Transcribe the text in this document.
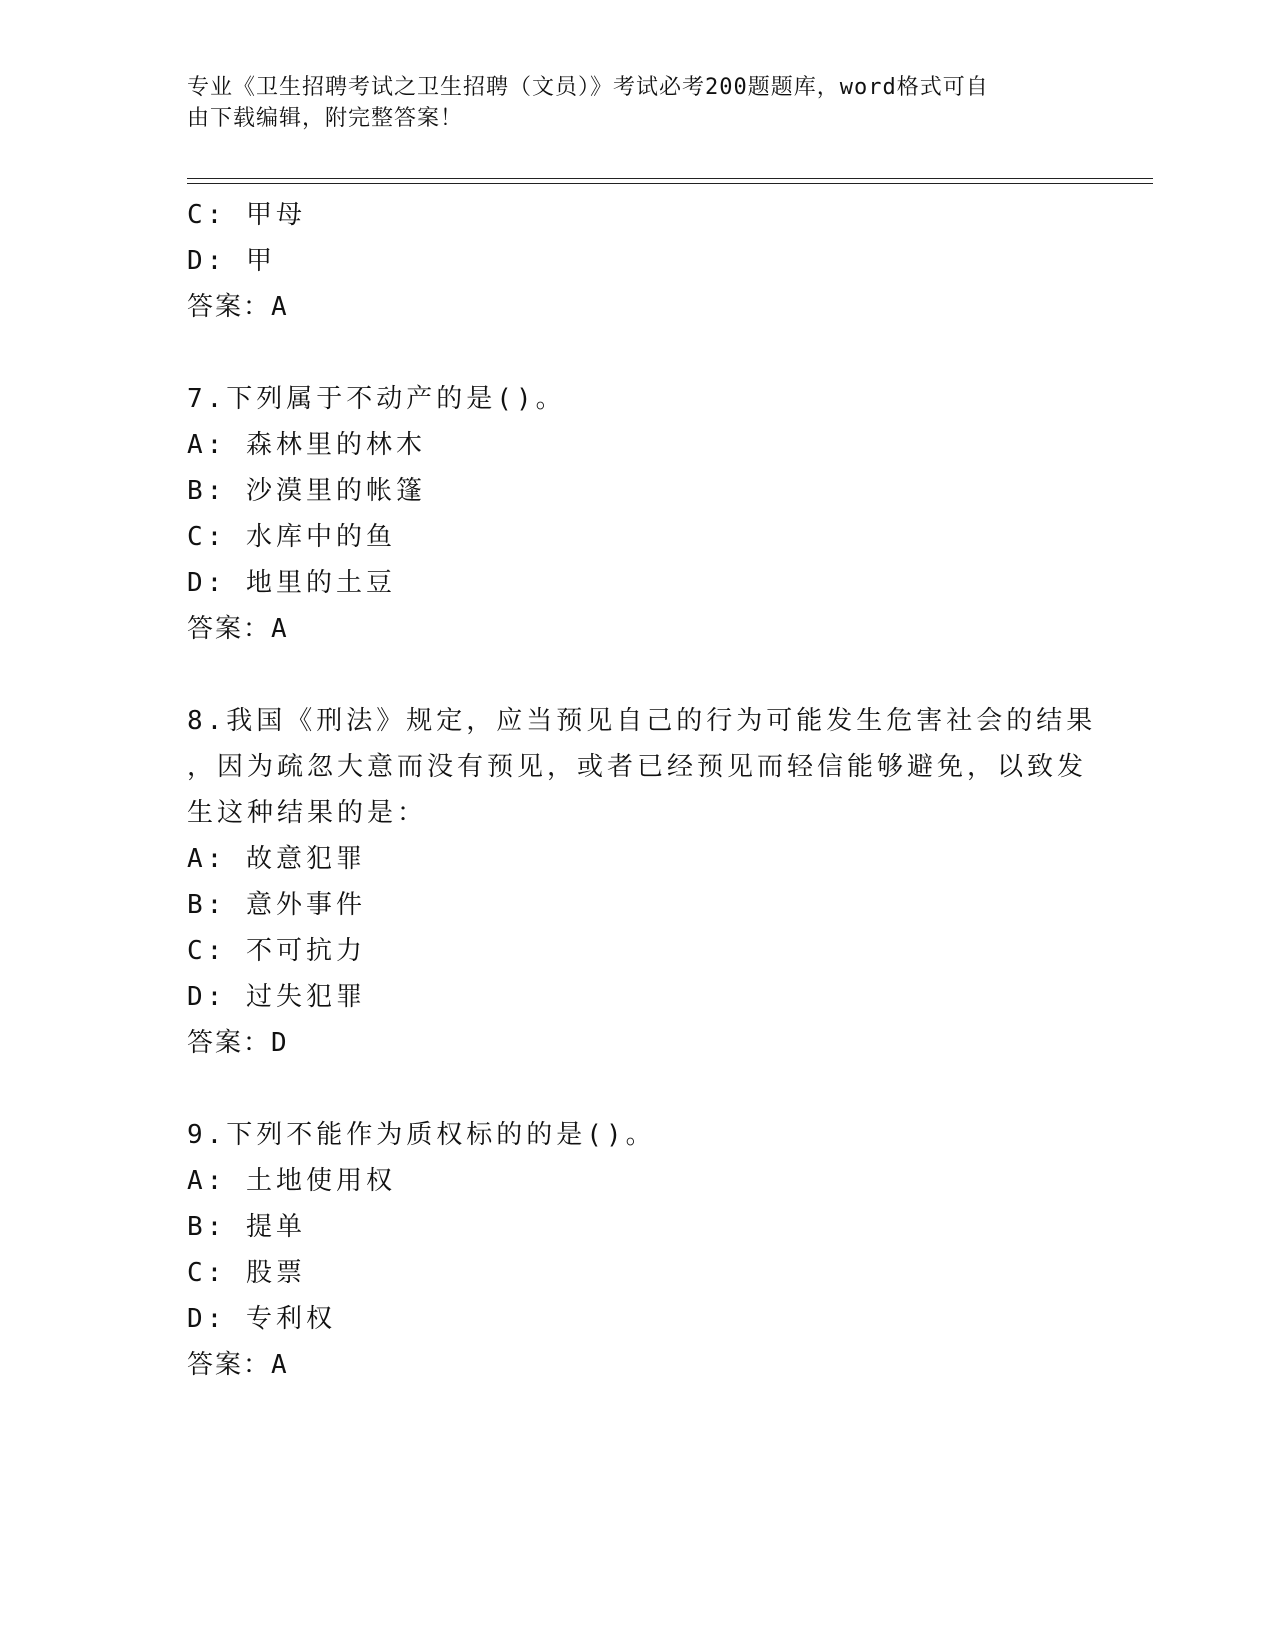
专业《卫生招聘考试之卫生招聘（文员）》考试必考200题题库，word格式可自
由下载编辑，附完整答案！
C: 甲母
D: 甲
答案：A
7.下列属于不动产的是()。
A: 森林里的林木
B: 沙漠里的帐篷
C: 水库中的鱼
D: 地里的土豆
答案：A
8.我国《刑法》规定，应当预见自己的行为可能发生危害社会的结果
，因为疏忽大意而没有预见，或者已经预见而轻信能够避免，以致发
生这种结果的是：
A: 故意犯罪
B: 意外事件
C: 不可抗力
D: 过失犯罪
答案：D
9.下列不能作为质权标的的是()。
A: 土地使用权
B: 提单
C: 股票
D: 专利权
答案：A
